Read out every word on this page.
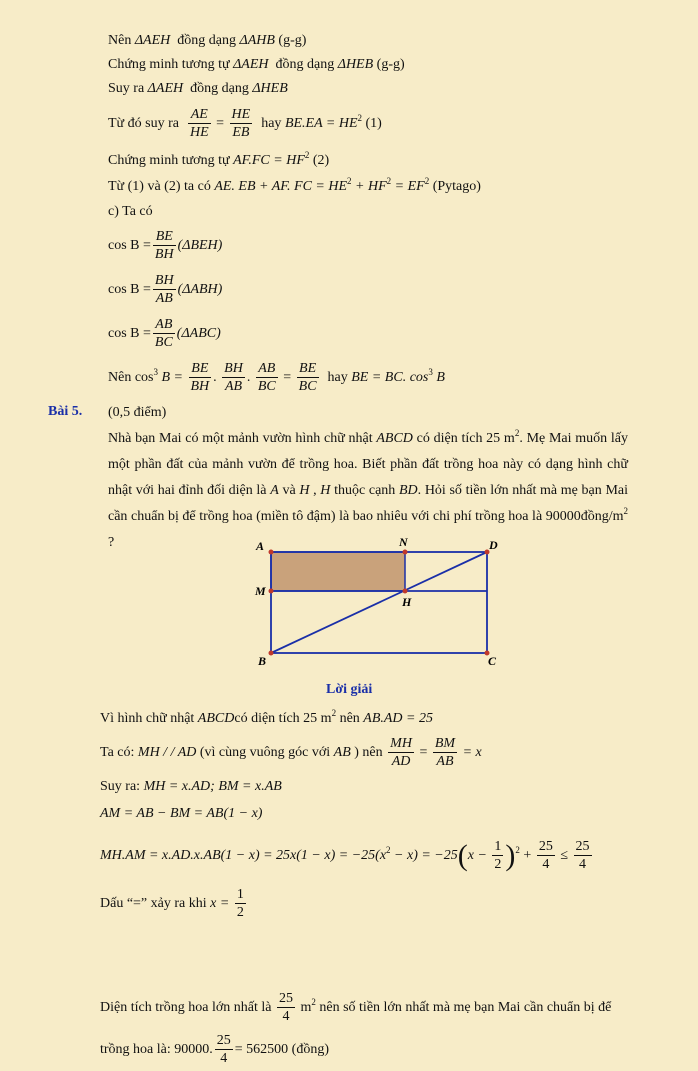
Nên ΔAEH đồng dạng ΔAHB (g-g)
Chứng minh tương tự ΔAEH đồng dạng ΔHEB (g-g)
Suy ra ΔAEH đồng dạng ΔHEB
Từ đó suy ra $\frac{AE}{HE} = \frac{HE}{EB}$ hay $BE.EA = HE^2$ (1)
Chứng minh tương tự $AF.FC = HF^2$ (2)
Từ (1) và (2) ta có AE. EB + AF. FC = $HE^2 + HF^2 = EF^2$ (Pytago)
c) Ta có
$\cos B = \frac{BE}{BH} (\Delta BEH)$
$\cos B = \frac{BH}{AB} (\Delta ABH)$
$\cos B = \frac{AB}{BC} (\Delta ABC)$
Nên $\cos^3 B = \frac{BE}{BH}$ . $\frac{BH}{AB}$ . $\frac{AB}{BC} = \frac{BE}{BC}$ hay BE = BC. $\cos^3 B$
Bài 5. (0,5 điểm)
Nhà bạn Mai có một mảnh vườn hình chữ nhật ABCD có diện tích 25 $m^2$. Mẹ Mai muốn lấy một phần đất của mảnh vườn để trồng hoa. Biết phần đất trồng hoa này có dạng hình chữ nhật với hai đỉnh đối diện là A và H , H thuộc cạnh BD. Hỏi số tiền lớn nhất mà mẹ bạn Mai cần chuẩn bị để trồng hoa (miền tô đậm) là bao nhiêu với chi phí trồng hoa là $90000đồng/m^2$ ?	A	N	D
M
H
B	C
Lời giải
Vì hình chữ nhật ABCDcó diện tích 25 $m^2$ nên AB.AD = 25
Ta có: MH / / AD (vì cùng vuông góc với AB ) nên $\frac{MH}{AD} = \frac{BM}{AB} = x$
Suy ra: MH = x.AD; BM = x.AB
AM = AB − BM = AB(1 − x)
$MH.AM = x.AD.x.AB(1 - x) = 25x(1 - x) = -25(x^2 - x) = -25(x - \frac{1}{2} )^2 + \frac{25}{4} \le \frac{25}{4}$
Dấu “=” xảy ra khi $x = \frac{1}{2}$
Diện tích trồng hoa lớn nhất là $\frac{25}{4} m^2$ nên số tiền lớn nhất mà mẹ bạn Mai cần chuẩn bị để
trồng hoa là: 90000. $\frac{25}{4} = 562500$ (đồng)
